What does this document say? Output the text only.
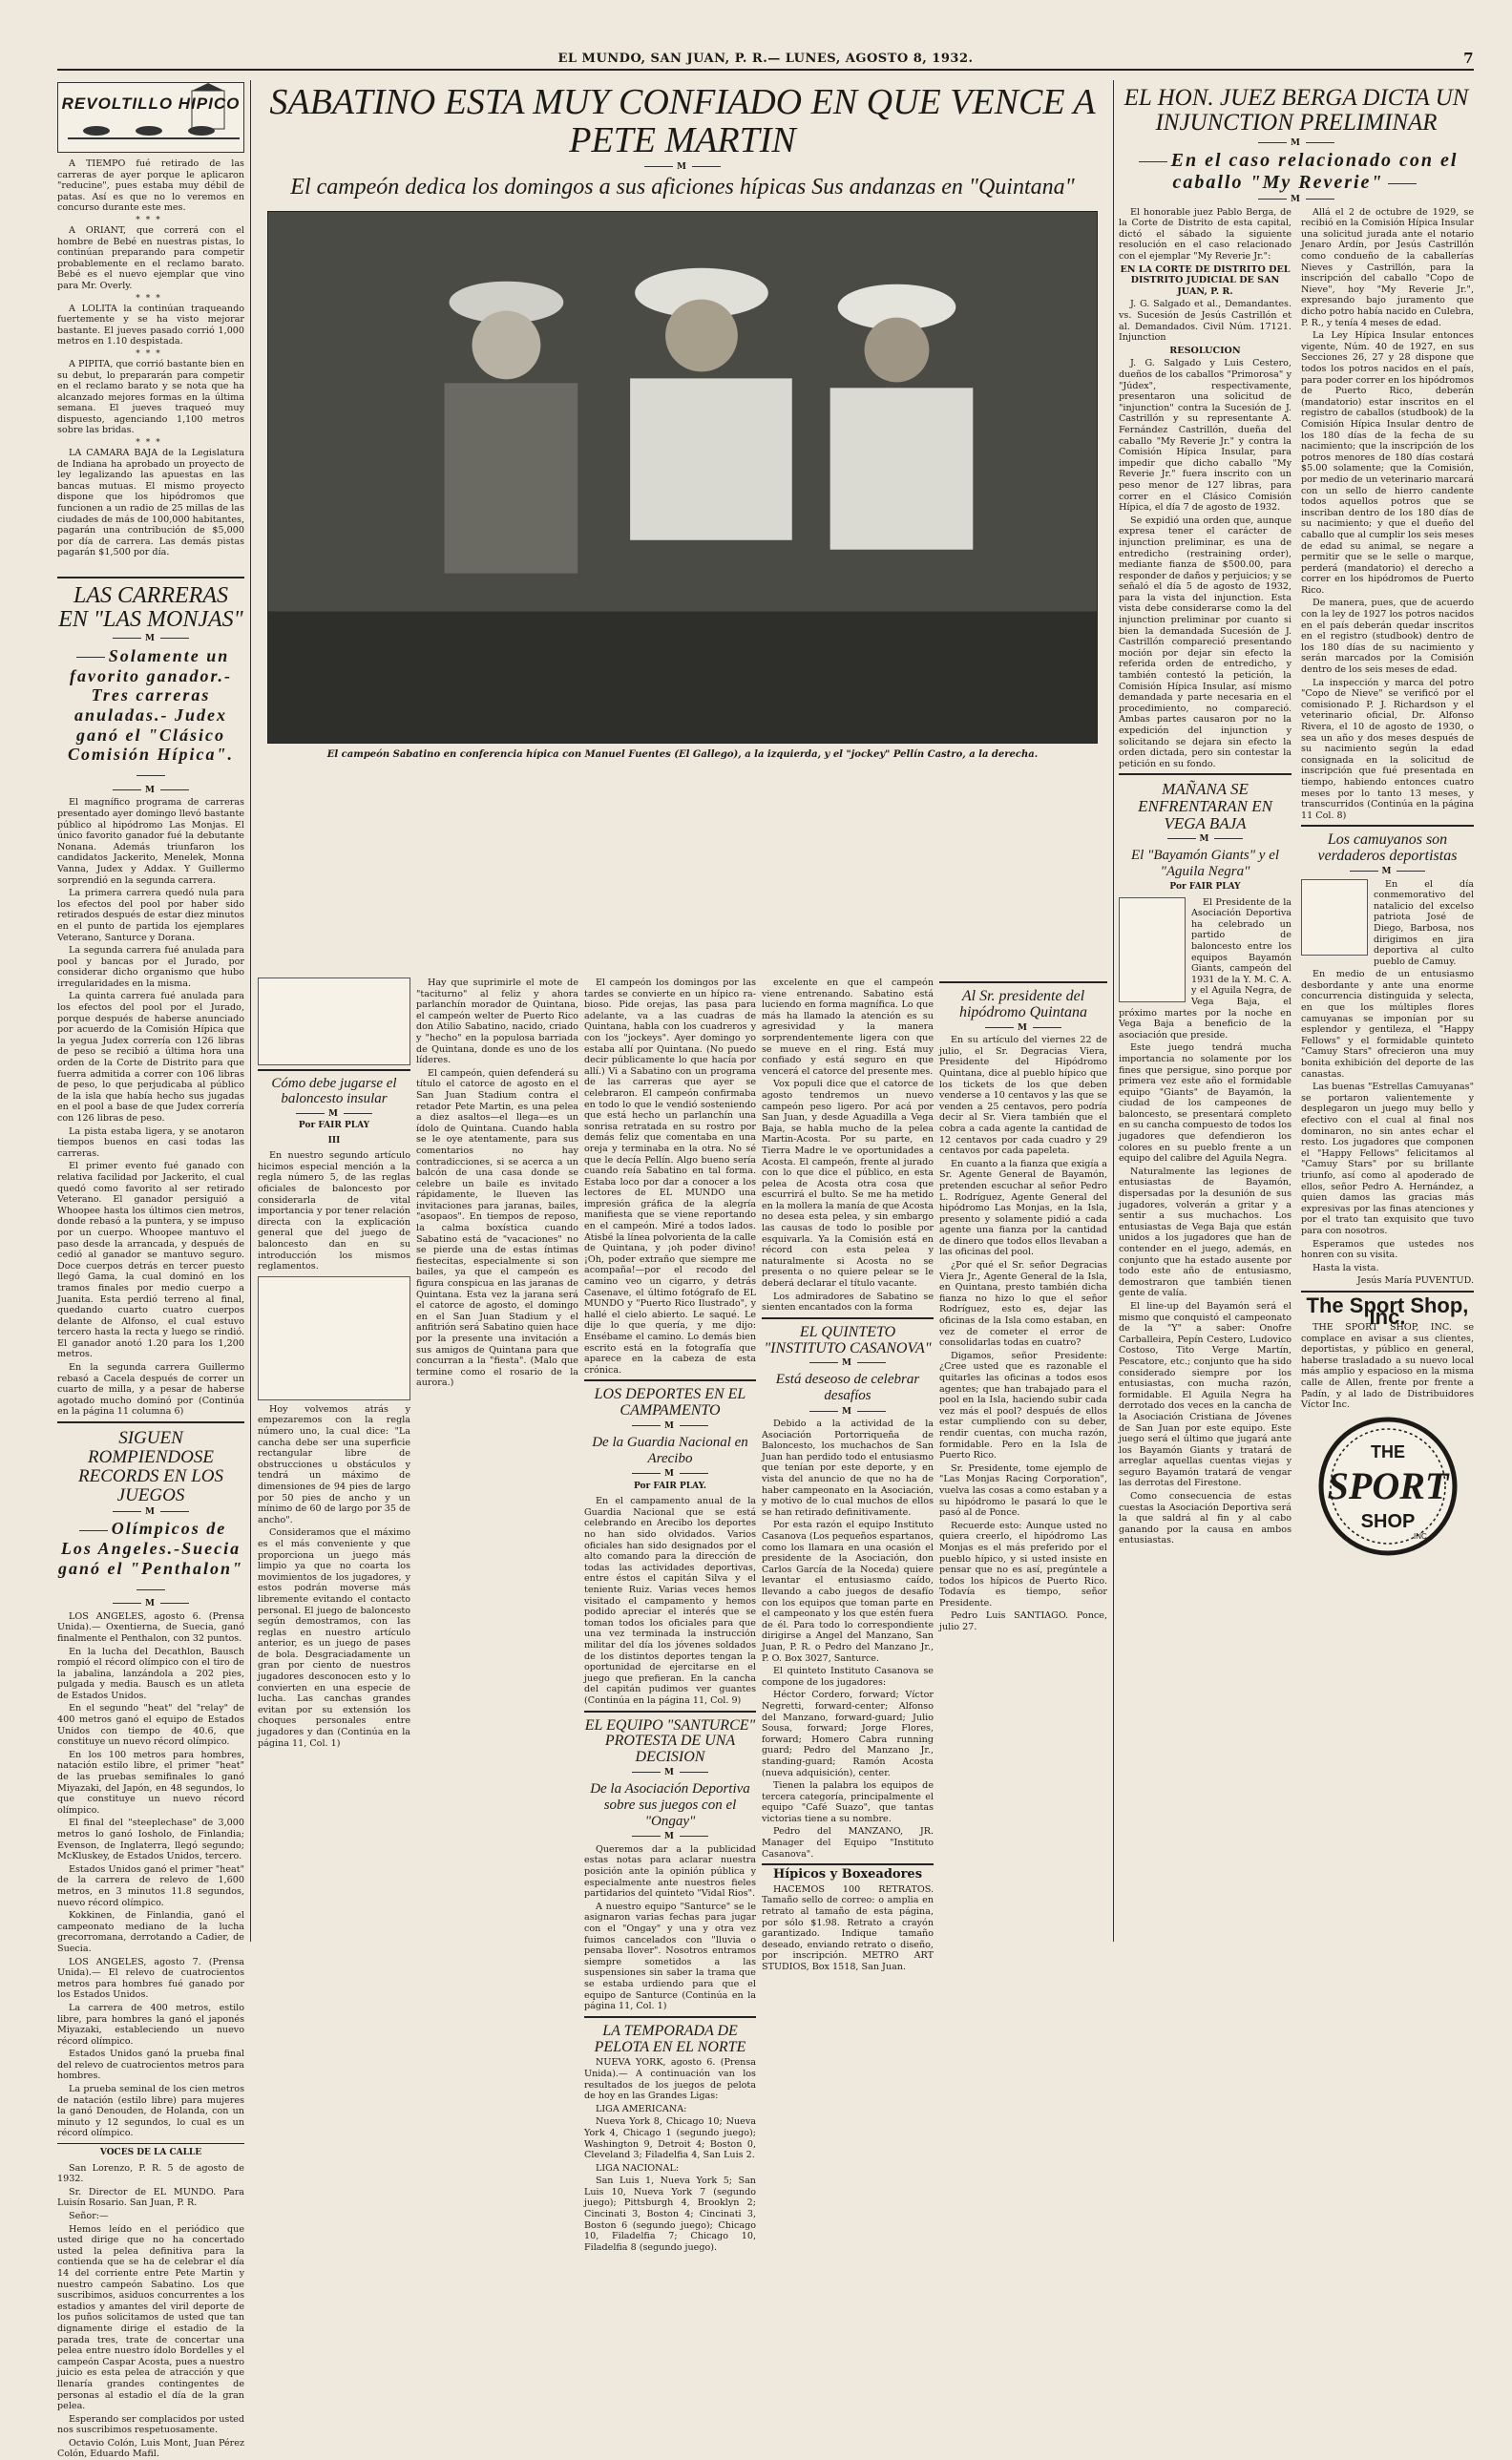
EL MUNDO, SAN JUAN, P. R.— LUNES, AGOSTO 8, 1932.	7
REVOLTILLO HIPICO

A TIEMPO fué retirado de las carreras de ayer porque le aplicaron "reducine", pues estaba muy débil de patas. Así es que no lo veremos en concurso durante este mes.

***

A ORIANT, que correrá con el hombre de Bebé en nuestras pistas, lo continúan preparando para competir probablemente en el reclamo barato. Bebé es el nuevo ejemplar que vino para Mr. Overly.

***

A LOLITA la continúan traqueando fuertemente y se ha visto mejorar bastante. El jueves pasado corrió 1,000 metros en 1.10 despistada.

***

A PIPITA, que corrió bastante bien en su debut, lo prepararán para competir en el reclamo barato y se nota que ha alcanzado mejores formas en la última semana. El jueves traqueó muy dispuesto, agenciando 1,100 metros sobre las bridas.

***

LA CAMARA BAJA de la Legislatura de Indiana ha aprobado un proyecto de ley legalizando las apuestas en las bancas mutuas. El mismo proyecto dispone que los hipódromos que funcionen a un radio de 25 millas de las ciudades de más de 100,000 habitantes, pagarán una contribución de $5,000 por día de carrera. Las demás pistas pagarán $1,500 por día.

LAS CARRERAS EN "LAS MONJAS"
M
Solamente un favorito ganador.- Tres carreras anuladas.- Judex ganó el "Clásico Comisión Hípica".
M

El magnífico programa de carreras presentado ayer domingo llevó bastante público al hipódromo Las Monjas. El único favorito ganador fué la debutante Nonana. Además triunfaron los candidatos Jackerito, Menelek, Monna Vanna, Judex y Addax. Y Guillermo sorprendió en la segunda carrera.

La primera carrera quedó nula para los efectos del pool por haber sido retirados después de estar diez minutos en el punto de partida los ejemplares Veterano, Santurce y Dorana.

La segunda carrera fué anulada para pool y bancas por el Jurado, por considerar dicho organismo que hubo irregularidades en la misma.

La quinta carrera fué anulada para los efectos del pool por el Jurado, porque después de haberse anunciado por acuerdo de la Comisión Hípica que la yegua Judex correría con 126 libras de peso se recibió a última hora una orden de la Corte de Distrito para que fuerra admitida a correr con 106 libras de peso, lo que perjudicaba al público de la isla que había hecho sus jugadas en el pool a base de que Judex correría con 126 libras de peso.

La pista estaba ligera, y se anotaron tiempos buenos en casi todas las carreras.

El primer evento fué ganado con relativa facilidad por Jackerito, el cual quedó como favorito al ser retirado Veterano. El ganador persiguió a Whoopee hasta los últimos cien metros, donde rebasó a la puntera, y se impuso por un cuerpo. Whoopee mantuvo el paso desde la arrancada, y después de cedió al ganador se mantuvo seguro. Doce cuerpos detrás en tercer puesto llegó Gama, la cual dominó en los tramos finales por medio cuerpo a Juanita. Esta perdió terreno al final, quedando cuarto cuatro cuerpos delante de Alfonso, el cual estuvo tercero hasta la recta y luego se rindió. El ganador anotó 1.20 para los 1,200 metros.

En la segunda carrera Guillermo rebasó a Cacela después de correr un cuarto de milla, y a pesar de haberse agotado mucho dominó por (Continúa en la página 11 columna 6)

SIGUEN ROMPIENDOSE RECORDS EN LOS JUEGOS
M
Olímpicos de Los Angeles.-Suecia ganó el "Penthalon"
M

LOS ANGELES, agosto 6. (Prensa Unida).— Oxentierna, de Suecia, ganó finalmente el Penthalon, con 32 puntos.

En la lucha del Decathlon, Bausch rompió el récord olímpico con el tiro de la jabalina, lanzándola a 202 pies, pulgada y media. Bausch es un atleta de Estados Unidos.

En el segundo "heat" del "relay" de 400 metros ganó el equipo de Estados Unidos con tiempo de 40.6, que constituye un nuevo récord olímpico.

En los 100 metros para hombres, natación estilo libre, el primer "heat" de las pruebas semifinales lo ganó Miyazaki, del Japón, en 48 segundos, lo que constituye un nuevo récord olímpico.

El final del "steeplechase" de 3,000 metros lo ganó Iosholo, de Finlandia; Evenson, de Inglaterra, llegó segundo; McKluskey, de Estados Unidos, tercero.

Estados Unidos ganó el primer "heat" de la carrera de relevo de 1,600 metros, en 3 minutos 11.8 segundos, nuevo récord olímpico.

Kokkinen, de Finlandia, ganó el campeonato mediano de la lucha grecorromana, derrotando a Cadier, de Suecia.

LOS ANGELES, agosto 7. (Prensa Unida).— El relevo de cuatrocientos metros para hombres fué ganado por los Estados Unidos.

La carrera de 400 metros, estilo libre, para hombres la ganó el japonés Miyazaki, estableciendo un nuevo récord olímpico.

Estados Unidos ganó la prueba final del relevo de cuatrocientos metros para hombres.

La prueba seminal de los cien metros de natación (estilo libre) para mujeres la ganó Denouden, de Holanda, con un minuto y 12 segundos, lo cual es un récord olímpico.

VOCES DE LA CALLE

San Lorenzo, P. R. 5 de agosto de 1932.

Sr. Director de EL MUNDO. Para Luisín Rosario. San Juan, P. R.

Señor:—

Hemos leído en el periódico que usted dirige que no ha concertado usted la pelea definitiva para la contienda que se ha de celebrar el día 14 del corriente entre Pete Martin y nuestro campeón Sabatino. Los que suscribimos, asiduos concurrentes a los estadios y amantes del viril deporte de los puños solicitamos de usted que tan dignamente dirige el estadio de la parada tres, trate de concertar una pelea entre nuestro ídolo Bordelles y el campeón Caspar Acosta, pues a nuestro juicio es esta pelea de atracción y que llenaría grandes contingentes de personas al estadio el día de la gran pelea.

Esperando ser complacidos por usted nos suscribimos respetuosamente.

Octavio Colón, Luis Mont, Juan Pérez Colón, Eduardo Mafil.

SABATINO ESTA MUY CONFIADO EN QUE VENCE A PETE MARTIN
M
El campeón dedica los domingos a sus aficiones hípicas Sus andanzas en "Quintana"
El campeón Sabatino en conferencia hípica con Manuel Fuentes (El Gallego), a la izquierda, y el "jockey" Pellín Castro, a la derecha.

Hay que suprimirle el mote de "taciturno" al feliz y ahora parlanchín morador de Quintana, el campeón welter de Puerto Rico don Atilio Sabatino, nacido, criado y "hecho" en la populosa barriada de Quintana, donde es uno de los líderes.

El campeón, quien defenderá su título el catorce de agosto en el San Juan Stadium contra el retador Pete Martin, es una pelea a diez asaltos—el llega—es un ídolo de Quintana. Cuando habla se le oye atentamente, para sus comentarios no hay contradicciones, si se acerca a un balcón de una casa donde se celebre un baile es invitado rápidamente, le llueven las invitaciones para jaranas, bailes, "asopaos". En tiempos de reposo, la calma boxística cuando Sabatino está de "vacaciones" no se pierde una de estas íntimas fiestecitas, especialmente si son bailes, ya que el campeón es figura conspicua en las jaranas de Quintana. Esta vez la jarana será el catorce de agosto, el domingo en el San Juan Stadium y el anfitrión será Sabatino quien hace por la presente una invitación a sus amigos de Quintana para que concurran a la "fiesta". (Malo que termine como el rosario de la aurora.)

Cómo debe jugarse el baloncesto insular
M
Por FAIR PLAY
III

En nuestro segundo artículo hicimos especial mención a la regla número 5, de las reglas oficiales de baloncesto por considerarla de vital importancia y por tener relación directa con la explicación general que del juego de baloncesto dan en su introducción los mismos reglamentos.

Hoy volvemos atrás y empezaremos con la regla número uno, la cual dice: "La cancha debe ser una superficie rectangular libre de obstrucciones u obstáculos y tendrá un máximo de dimensiones de 94 pies de largo por 50 pies de ancho y un mínimo de 60 de largo por 35 de ancho".

Consideramos que el máximo es el más conveniente y que proporciona un juego más limpio ya que no coarta los movimientos de los jugadores, y estos podrán moverse más libremente evitando el contacto personal. El juego de baloncesto según demostramos, con las reglas en nuestro artículo anterior, es un juego de pases de bola. Desgraciadamente un gran por ciento de nuestros jugadores desconocen esto y lo convierten en una especie de lucha. Las canchas grandes evitan por su extensión los choques personales entre jugadores y dan (Continúa en la página 11, Col. 1)

El campeón los domingos por las tardes se convierte en un hípico ra- bioso. Pide orejas, las pasa para adelante, va a las cuadras de Quintana, habla con los cuadreros y con los "jockeys". Ayer domingo yo estaba allí por Quintana. (No puedo decir públicamente lo que hacía por allí.) Vi a Sabatino con un programa de las carreras que ayer se celebraron. El campeón confirmaba en todo lo que le vendió sosteniendo que está hecho un parlanchín una sonrisa retratada en su rostro por demás feliz que comentaba en una oreja y terminaba en la otra. No sé que le decía Pellín. Algo bueno sería cuando reía Sabatino en tal forma. Estaba loco por dar a conocer a los lectores de EL MUNDO una impresión gráfica de la alegría manifiesta que se viene reportando en el campeón. Miré a todos lados. Atisbé la línea polvorienta de la calle de Quintana, y ¡oh poder divino! ¡Oh, poder extraño que siempre me acompaña!—por el recodo del camino veo un cigarro, y detrás Casenave, el último fotógrafo de EL MUNDO y "Puerto Rico Ilustrado", y hallé el cielo abierto. Le saqué. Le dije lo que quería, y me dijo: Ensébame el camino. Lo demás bien escrito está en la fotografía que aparece en la cabeza de esta crónica.

LOS DEPORTES EN EL CAMPAMENTO
M
De la Guardia Nacional en Arecibo
M
Por FAIR PLAY.

En el campamento anual de la Guardia Nacional que se está celebrando en Arecibo los deportes no han sido olvidados. Varios oficiales han sido designados por el alto comando para la dirección de todas las actividades deportivas, entre éstos el capitán Silva y el teniente Ruiz. Varias veces hemos visitado el campamento y hemos podido apreciar el interés que se toman todos los oficiales para que una vez terminada la instrucción militar del día los jóvenes soldados de los distintos deportes tengan la oportunidad de ejercitarse en el juego que prefieran. En la cancha del capitán pudimos ver guantes (Continúa en la página 11, Col. 9)

EL EQUIPO "SANTURCE" PROTESTA DE UNA DECISION
M
De la Asociación Deportiva sobre sus juegos con el "Ongay"
M

Queremos dar a la publicidad estas notas para aclarar nuestra posición ante la opinión pública y especialmente ante nuestros fieles partidarios del quinteto "Vidal Rios".

A nuestro equipo "Santurce" se le asignaron varias fechas para jugar con el "Ongay" y una y otra vez fuimos cancelados con "lluvia o pensaba llover". Nosotros entramos siempre sometidos a las suspensiones sin saber la trama que se estaba urdiendo para que el equipo de Santurce (Continúa en la página 11, Col. 1)

LA TEMPORADA DE PELOTA EN EL NORTE

NUEVA YORK, agosto 6. (Prensa Unida).— A continuación van los resultados de los juegos de pelota de hoy en las Grandes Ligas:

LIGA AMERICANA:

Nueva York 8, Chicago 10; Nueva York 4, Chicago 1 (segundo juego); Washington 9, Detroit 4; Boston 0, Cleveland 3; Filadelfia 4, San Luis 2.

LIGA NACIONAL:

San Luis 1, Nueva York 5; San Luis 10, Nueva York 7 (segundo juego); Pittsburgh 4, Brooklyn 2; Cincinati 3, Boston 4; Cincinati 3, Boston 6 (segundo juego); Chicago 10, Filadelfia 7; Chicago 10, Filadelfia 8 (segundo juego).

excelente en que el campeón viene entrenando. Sabatino está luciendo en forma magnífica. Lo que más ha llamado la atención es su agresividad y la manera sorprendentemente ligera con que se mueve en el ring. Está muy confiado y está seguro en que vencerá el catorce del presente mes.

Vox populi dice que el catorce de agosto tendremos un nuevo campeón peso ligero. Por acá por San Juan, y desde Aguadilla a Vega Baja, se habla mucho de la pelea Martin-Acosta. Por su parte, en Tierra Madre le ve oportunidades a Acosta. El campeón, frente al jurado con lo que dice el público, en esta pelea de Acosta otra cosa que escurrirá el bulto. Se me ha metido en la mollera la manía de que Acosta no desea esta pelea, y sin embargo las causas de todo lo posible por esquivarla. Ya la Comisión está en récord con esta pelea y naturalmente si Acosta no se presenta o no quiere pelear se le deberá declarar el título vacante.

Los admiradores de Sabatino se sienten encantados con la forma

EL QUINTETO "INSTITUTO CASANOVA"
M
Está deseoso de celebrar desafíos
M

Debido a la actividad de la Asociación Portorriqueña de Baloncesto, los muchachos de San Juan han perdido todo el entusiasmo que tenían por este deporte, y en vista del anuncio de que no ha de haber campeonato en la Asociación, y motivo de lo cual muchos de ellos se han retirado definitivamente.

Por esta razón el equipo Instituto Casanova (Los pequeños espartanos, como los llamara en una ocasión el presidente de la Asociación, don Carlos García de la Noceda) quiere levantar el entusiasmo caído, llevando a cabo juegos de desafío con los equipos que toman parte en el campeonato y los que estén fuera de él. Para todo lo correspondiente dirigirse a Angel del Manzano, San Juan, P. R. o Pedro del Manzano Jr., P. O. Box 3027, Santurce.

El quinteto Instituto Casanova se compone de los jugadores:

Héctor Cordero, forward; Víctor Negretti, forward-center; Alfonso del Manzano, forward-guard; Julio Sousa, forward; Jorge Flores, forward; Homero Cabra running guard; Pedro del Manzano Jr., standing-guard; Ramón Acosta (nueva adquisición), center.

Tienen la palabra los equipos de tercera categoría, principalmente el equipo "Café Suazo", que tantas victorias tiene a su nombre.

Pedro del MANZANO, JR. Manager del Equipo "Instituto Casanova".

Hípicos y Boxeadores

HACEMOS 100 RETRATOS. Tamaño sello de correo: o amplia en retrato al tamaño de esta página, por sólo $1.98. Retrato a crayón garantizado. Indique tamaño deseado, enviando retrato o diseño, por inscripción. METRO ART STUDIOS, Box 1518, San Juan.

Al Sr. presidente del hipódromo Quintana
M

En su artículo del viernes 22 de julio, el Sr. Degracias Viera, Presidente del Hipódromo Quintana, dice al pueblo hípico que los tickets de los que deben venderse a 10 centavos y las que se venden a 25 centavos, pero podría decir al Sr. Viera también que el cobra a cada agente la cantidad de 12 centavos por cada cuadro y 29 centavos por cada papeleta.

En cuanto a la fianza que exigía a Sr. Agente General de Bayamón, pretenden escuchar al señor Pedro L. Rodríguez, Agente General del hipódromo Las Monjas, en la Isla, presento y solamente pidió a cada agente una fianza por la cantidad de dinero que todos ellos llevaban a las oficinas del pool.

¿Por qué el Sr. señor Degracias Viera Jr., Agente General de la Isla, en Quintana, presto también dicha fianza no hizo lo que el señor Rodríguez, esto es, dejar las oficinas de la Isla como estaban, en vez de cometer el error de consolidarlas todas en cuatro?

Digamos, señor Presidente: ¿Cree usted que es razonable el quitarles las oficinas a todos esos agentes; que han trabajado para el pool en la Isla, haciendo subir cada vez más el pool? después de ellos estar cumpliendo con su deber, rendir cuentas, con mucha razón, formidable. Pero en la Isla de Puerto Rico.

Sr. Presidente, tome ejemplo de "Las Monjas Racing Corporation", vuelva las cosas a como estaban y a su hipódromo le pasará lo que le pasó al de Ponce.

Recuerde esto: Aunque usted no quiera creerlo, el hipódromo Las Monjas es el más preferido por el pueblo hípico, y si usted insiste en pensar que no es así, pregúntele a todos los hípicos de Puerto Rico. Todavía es tiempo, señor Presidente.

Pedro Luis SANTIAGO. Ponce, julio 27.

EL HON. JUEZ BERGA DICTA UN INJUNCTION PRELIMINAR
M
En el caso relacionado con el caballo "My Reverie"
M

El honorable juez Pablo Berga, de la Corte de Distrito de esta capital, dictó el sábado la siguiente resolución en el caso relacionado con el ejemplar "My Reverie Jr.":

EN LA CORTE DE DISTRITO DEL DISTRITO JUDICIAL DE SAN JUAN, P. R.

J. G. Salgado et al., Demandantes. vs. Sucesión de Jesús Castrillón et al. Demandados. Civil Núm. 17121. Injunction

RESOLUCION

J. G. Salgado y Luis Cestero, dueños de los caballos "Primorosa" y "Júdex", respectivamente, presentaron una solicitud de "injunction" contra la Sucesión de J. Castrillón y su representante A. Fernández Castrillón, dueña del caballo "My Reverie Jr." y contra la Comisión Hípica Insular, para impedir que dicho caballo "My Reverie Jr." fuera inscrito con un peso menor de 127 libras, para correr en el Clásico Comisión Hípica, el día 7 de agosto de 1932.

Se expidió una orden que, aunque expresa tener el carácter de injunction preliminar, es una de entredicho (restraining order), mediante fianza de $500.00, para responder de daños y perjuicios; y se señaló el día 5 de agosto de 1932, para la vista del injunction. Esta vista debe considerarse como la del injunction preliminar por cuanto si bien la demandada Sucesión de J. Castrillón compareció presentando moción por dejar sin efecto la referida orden de entredicho, y también contestó la petición, la Comisión Hípica Insular, así mismo demandada y parte necesaria en el procedimiento, no compareció. Ambas partes causaron por no la expedición del injunction y solicitando se dejara sin efecto la orden dictada, pero sin contestar la petición en su fondo.

MAÑANA SE ENFRENTARAN EN VEGA BAJA
M
El "Bayamón Giants" y el "Aguila Negra"
Por FAIR PLAY

El Presidente de la Asociación Deportiva ha celebrado un partido de baloncesto entre los equipos Bayamón Giants, campeón del 1931 de la Y. M. C. A. y el Aguila Negra, de Vega Baja, el próximo martes por la noche en Vega Baja a beneficio de la asociación que preside.

Este juego tendrá mucha importancia no solamente por los fines que persigue, sino porque por primera vez este año el formidable equipo "Giants" de Bayamón, la ciudad de los campeones de baloncesto, se presentará completo en su cancha compuesto de todos los jugadores que defendieron los colores en su pueblo frente a un equipo del calibre del Aguila Negra.

Naturalmente las legiones de entusiastas de Bayamón, dispersadas por la desunión de sus jugadores, volverán a gritar y a sentir a sus muchachos. Los entusiastas de Vega Baja que están unidos a los jugadores que han de contender en el juego, además, en conjunto que ha estado ausente por todo este año de entusiasmo, demostraron que también tienen gente de valía.

El line-up del Bayamón será el mismo que conquistó el campeonato de la "Y" a saber: Onofre Carballeira, Pepín Cestero, Ludovico Costoso, Tito Verge Martín, Pescatore, etc.; conjunto que ha sido considerado siempre por los entusiastas, con mucha razón, formidable. El Aguila Negra ha derrotado dos veces en la cancha de la Asociación Cristiana de Jóvenes de San Juan por este equipo. Este juego será el último que jugará ante los Bayamón Giants y tratará de arreglar aquellas cuentas viejas y seguro Bayamón tratará de vengar las derrotas del Firestone.

Como consecuencia de estas cuestas la Asociación Deportiva será la que saldrá al fin y al cabo ganando por la causa en ambos entusiastas.

Allá el 2 de octubre de 1929, se recibió en la Comisión Hípica Insular una solicitud jurada ante el notario Jenaro Ardín, por Jesús Castrillón como condueño de la caballerías Nieves y Castrillón, para la inscripción del caballo "Copo de Nieve", hoy "My Reverie Jr.", expresando bajo juramento que dicho potro había nacido en Culebra, P. R., y tenía 4 meses de edad.

La Ley Hípica Insular entonces vigente, Núm. 40 de 1927, en sus Secciones 26, 27 y 28 dispone que todos los potros nacidos en el país, para poder correr en los hipódromos de Puerto Rico, deberán (mandatorio) estar inscritos en el registro de caballos (studbook) de la Comisión Hípica Insular dentro de los 180 días de la fecha de su nacimiento; que la inscripción de los potros menores de 180 días costará $5.00 solamente; que la Comisión, por medio de un veterinario marcará con un sello de hierro candente todos aquellos potros que se inscriban dentro de los 180 días de su nacimiento; y que el dueño del caballo que al cumplir los seis meses de edad su animal, se negare a permitir que se le selle o marque, perderá (mandatorio) el derecho a correr en los hipódromos de Puerto Rico.

De manera, pues, que de acuerdo con la ley de 1927 los potros nacidos en el país deberán quedar inscritos en el registro (studbook) dentro de los 180 días de su nacimiento y serán marcados por la Comisión dentro de los seis meses de edad.

La inspección y marca del potro "Copo de Nieve" se verificó por el comisionado P. J. Richardson y el veterinario oficial, Dr. Alfonso Rivera, el 10 de agosto de 1930, o sea un año y dos meses después de su nacimiento según la edad consignada en la solicitud de inscripción que fué presentada en tiempo, habiendo entonces cuatro meses por lo tanto 13 meses, y transcurridos (Continúa en la página 11 Col. 8)

Los camuyanos son verdaderos deportistas
M

En el día conmemorativo del natalicio del excelso patriota José de Diego, Barbosa, nos dirigimos en jira deportiva al culto pueblo de Camuy.

En medio de un entusiasmo desbordante y ante una enorme concurrencia distinguida y selecta, en que los múltiples flores camuyanas se imponían por su esplendor y gentileza, el "Happy Fellows" y el formidable quinteto "Camuy Stars" ofrecieron una muy bonita exhibición del deporte de las canastas.

Las buenas "Estrellas Camuyanas" se portaron valientemente y desplegaron un juego muy bello y efectivo con el cual al final nos dominaron, no sin antes echar el resto. Los jugadores que componen el "Happy Fellows" felicitamos al "Camuy Stars" por su brillante triunfo, así como al apoderado de ellos, señor Pedro A. Hernández, a quien damos las gracias más expresivas por las finas atenciones y por el trato tan exquisito que tuvo para con nosotros.

Esperamos que ustedes nos honren con su visita.

Hasta la vista.

Jesús María PUVENTUD.

The Sport Shop, Inc.

THE SPORT SHOP, INC. se complace en avisar a sus clientes, deportistas, y público en general, haberse trasladado a su nuevo local más amplio y espacioso en la misma calle de Allen, frente por frente a Padín, y al lado de Distribuidores Víctor Inc.

THE
SPORT
SHOP
INC.
